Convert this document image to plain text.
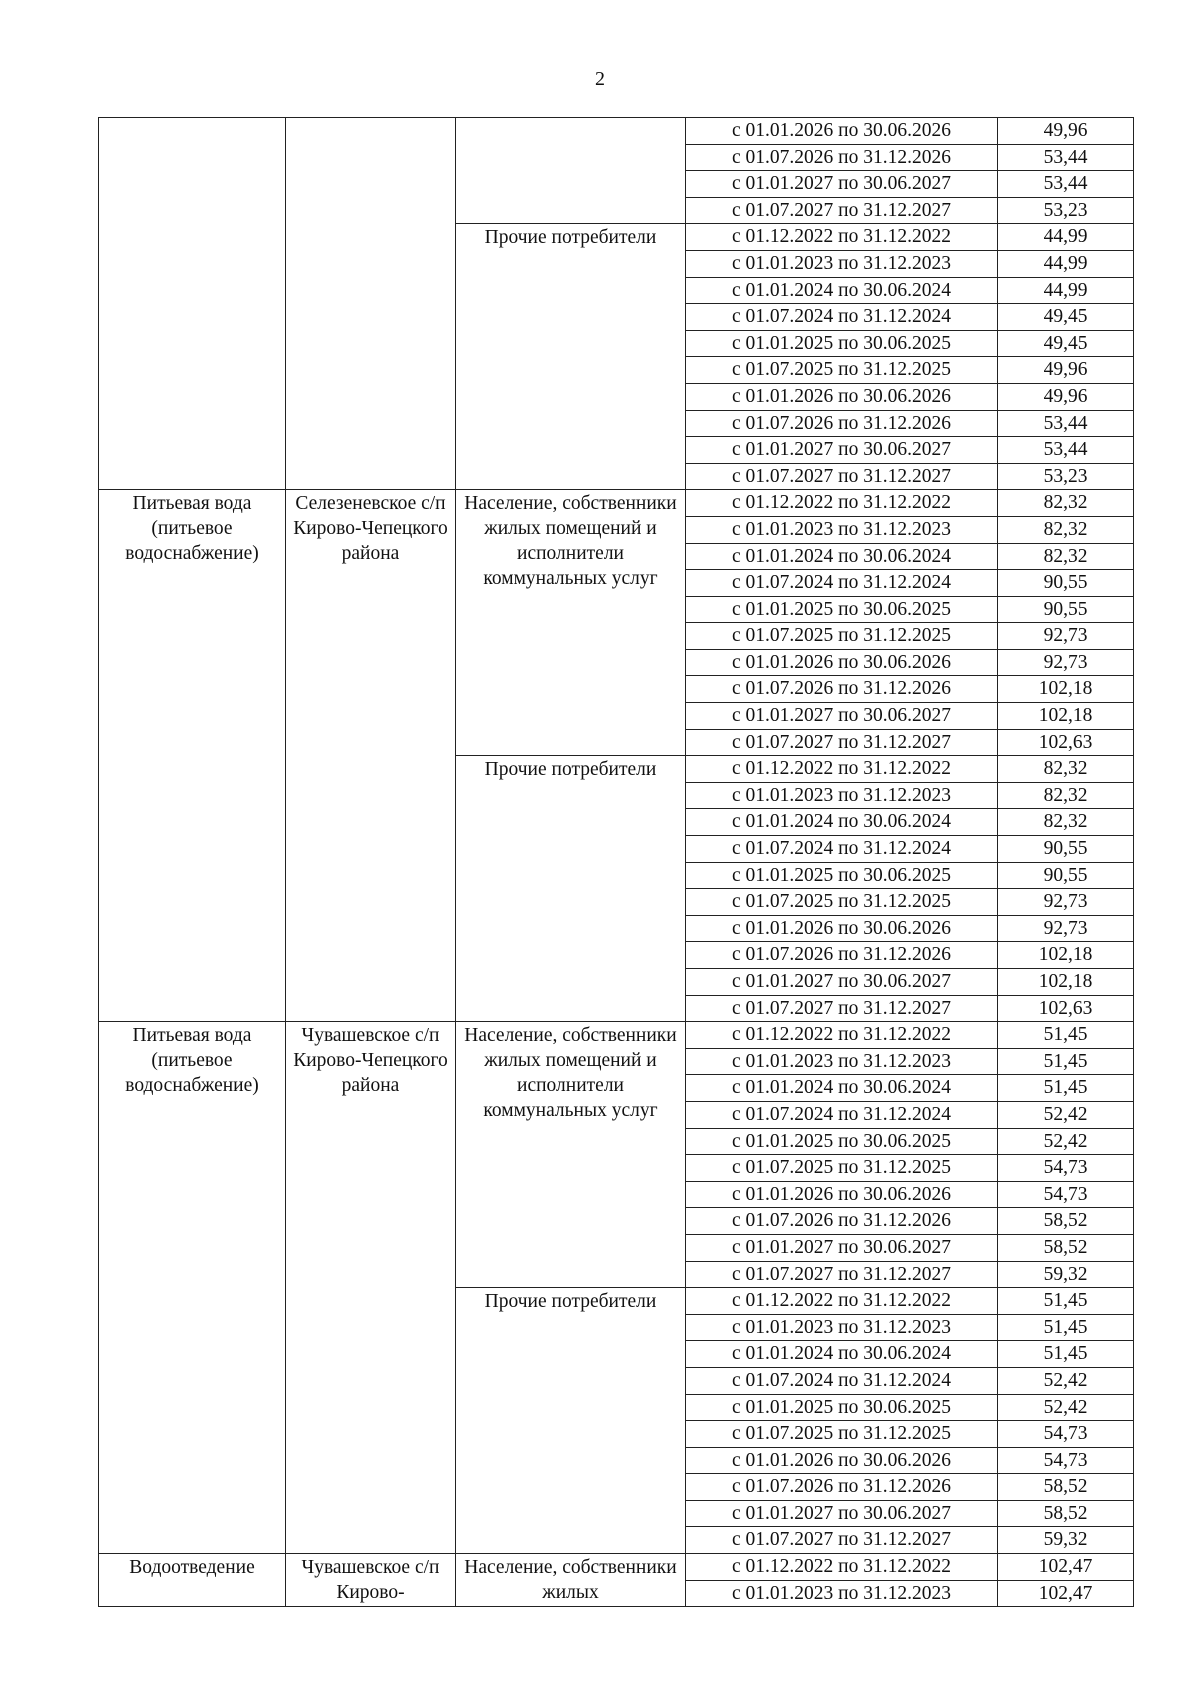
2
			с 01.01.2026 по 30.06.2026	49,96
			с 01.07.2026 по 31.12.2026	53,44
			с 01.01.2027 по 30.06.2027	53,44
			с 01.07.2027 по 31.12.2027	53,23
		Прочие потребители	с 01.12.2022 по 31.12.2022	44,99
			с 01.01.2023 по 31.12.2023	44,99
			с 01.01.2024 по 30.06.2024	44,99
			с 01.07.2024 по 31.12.2024	49,45
			с 01.01.2025 по 30.06.2025	49,45
			с 01.07.2025 по 31.12.2025	49,96
			с 01.01.2026 по 30.06.2026	49,96
			с 01.07.2026 по 31.12.2026	53,44
			с 01.01.2027 по 30.06.2027	53,44
			с 01.07.2027 по 31.12.2027	53,23
Питьевая вода (питьевое водоснабжение)	Селезеневское с/п Кирово-Чепецкого района	Население, собственники жилых помещений и исполнители коммунальных услуг	с 01.12.2022 по 31.12.2022	82,32
			с 01.01.2023 по 31.12.2023	82,32
			с 01.01.2024 по 30.06.2024	82,32
			с 01.07.2024 по 31.12.2024	90,55
			с 01.01.2025 по 30.06.2025	90,55
			с 01.07.2025 по 31.12.2025	92,73
			с 01.01.2026 по 30.06.2026	92,73
			с 01.07.2026 по 31.12.2026	102,18
			с 01.01.2027 по 30.06.2027	102,18
			с 01.07.2027 по 31.12.2027	102,63
		Прочие потребители	с 01.12.2022 по 31.12.2022	82,32
			с 01.01.2023 по 31.12.2023	82,32
			с 01.01.2024 по 30.06.2024	82,32
			с 01.07.2024 по 31.12.2024	90,55
			с 01.01.2025 по 30.06.2025	90,55
			с 01.07.2025 по 31.12.2025	92,73
			с 01.01.2026 по 30.06.2026	92,73
			с 01.07.2026 по 31.12.2026	102,18
			с 01.01.2027 по 30.06.2027	102,18
			с 01.07.2027 по 31.12.2027	102,63
Питьевая вода (питьевое водоснабжение)	Чувашевское с/п Кирово-Чепецкого района	Население, собственники жилых помещений и исполнители коммунальных услуг	с 01.12.2022 по 31.12.2022	51,45
			с 01.01.2023 по 31.12.2023	51,45
			с 01.01.2024 по 30.06.2024	51,45
			с 01.07.2024 по 31.12.2024	52,42
			с 01.01.2025 по 30.06.2025	52,42
			с 01.07.2025 по 31.12.2025	54,73
			с 01.01.2026 по 30.06.2026	54,73
			с 01.07.2026 по 31.12.2026	58,52
			с 01.01.2027 по 30.06.2027	58,52
			с 01.07.2027 по 31.12.2027	59,32
		Прочие потребители	с 01.12.2022 по 31.12.2022	51,45
			с 01.01.2023 по 31.12.2023	51,45
			с 01.01.2024 по 30.06.2024	51,45
			с 01.07.2024 по 31.12.2024	52,42
			с 01.01.2025 по 30.06.2025	52,42
			с 01.07.2025 по 31.12.2025	54,73
			с 01.01.2026 по 30.06.2026	54,73
			с 01.07.2026 по 31.12.2026	58,52
			с 01.01.2027 по 30.06.2027	58,52
			с 01.07.2027 по 31.12.2027	59,32
Водоотведение	Чувашевское с/п Кирово-	Население, собственники жилых	с 01.12.2022 по 31.12.2022	102,47
			с 01.01.2023 по 31.12.2023	102,47
